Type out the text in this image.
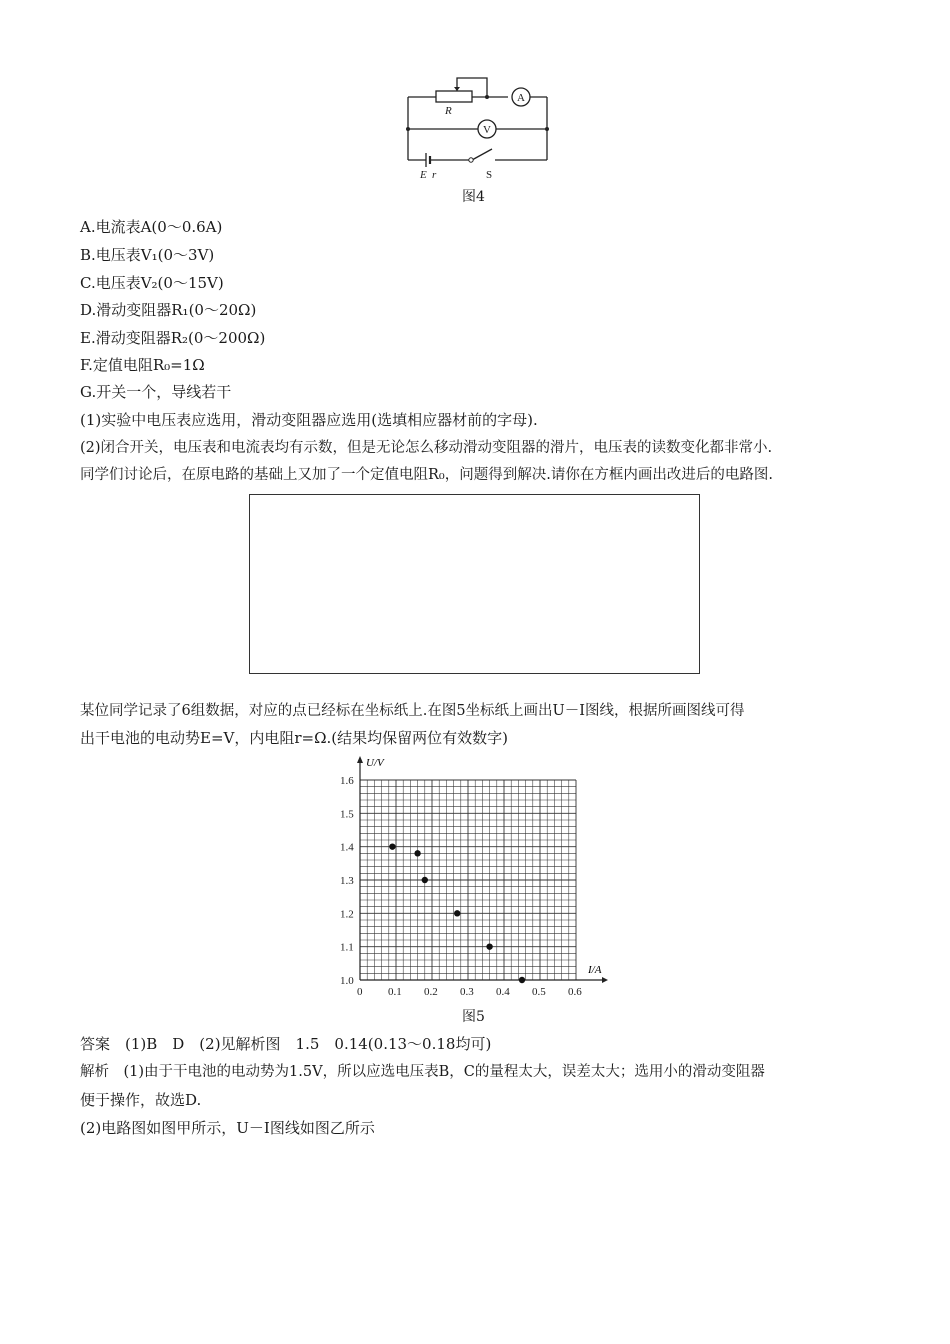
R
A
V
E r	S
图4
A.电流表A(0～0.6A)
B.电压表V₁(0～3V)
C.电压表V₂(0～15V)
D.滑动变阻器R₁(0～20Ω)
E.滑动变阻器R₂(0～200Ω)
F.定值电阻R₀=1Ω
G.开关一个，导线若干
(1)实验中电压表应选用，滑动变阻器应选用(选填相应器材前的字母).
(2)闭合开关，电压表和电流表均有示数，但是无论怎么移动滑动变阻器的滑片，电压表的读数变化都非常小.
同学们讨论后，在原电路的基础上又加了一个定值电阻R₀，问题得到解决.请你在方框内画出改进后的电路图.
某位同学记录了6组数据，对应的点已经标在坐标纸上.在图5坐标纸上画出U－I图线，根据所画图线可得
出干电池的电动势E=V，内电阻r=Ω.(结果均保留两位有效数字)
0 0.1 0.2 0.3 0.4 0.5 0.6
1.0
1.1
1.2
1.3
1.4
1.5
1.6
U/V
I/A
图5
答案　(1)B　D　(2)见解析图　1.5　0.14(0.13～0.18均可)
解析　(1)由于干电池的电动势为1.5V，所以应选电压表B，C的量程太大，误差太大；选用小的滑动变阻器
便于操作，故选D.
(2)电路图如图甲所示，U－I图线如图乙所示
